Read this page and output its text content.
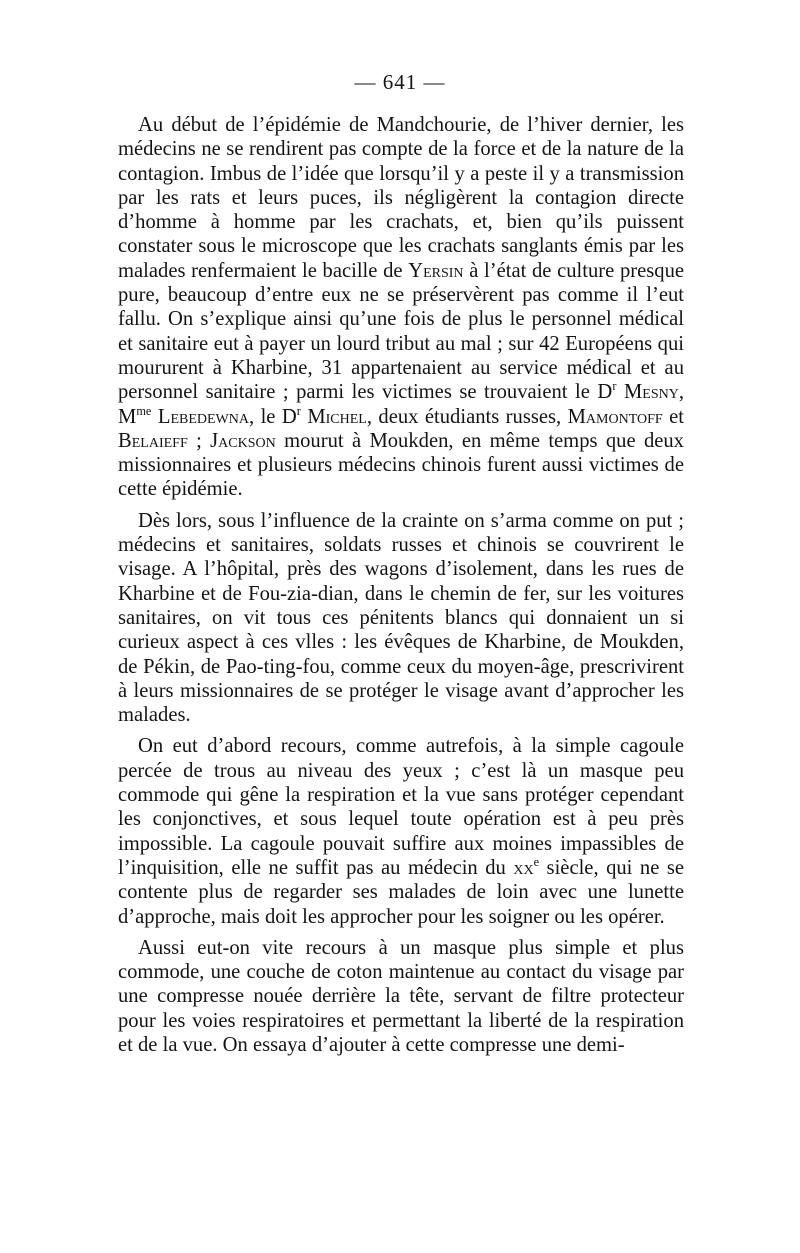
— 641 —

Au début de l’épidémie de Mandchourie, de l’hiver dernier, les médecins ne se rendirent pas compte de la force et de la nature de la contagion. Imbus de l’idée que lorsqu’il y a peste il y a transmission par les rats et leurs puces, ils négligèrent la contagion directe d’homme à homme par les crachats, et, bien qu’ils puissent constater sous le microscope que les crachats sanglants émis par les malades renfermaient le bacille de Yersin à l’état de culture presque pure, beaucoup d’entre eux ne se préservèrent pas comme il l’eut fallu. On s’explique ainsi qu’une fois de plus le personnel médical et sanitaire eut à payer un lourd tribut au mal ; sur 42 Européens qui moururent à Kharbine, 31 appartenaient au service médical et au personnel sanitaire ; parmi les victimes se trouvaient le $D^r$ Mesny, $M^{me}$ Lebedewna, le $D^r$ Michel, deux étudiants russes, Mamontoff et Belaieff ; Jackson mourut à Moukden, en même temps que deux missionnaires et plusieurs médecins chinois furent aussi victimes de cette épidémie.

Dès lors, sous l’influence de la crainte on s’arma comme on put ; médecins et sanitaires, soldats russes et chinois se couvrirent le visage. A l’hôpital, près des wagons d’isolement, dans les rues de Kharbine et de Fou-zia-dian, dans le chemin de fer, sur les voitures sanitaires, on vit tous ces pénitents blancs qui donnaient un si curieux aspect à ces vlles : les évêques de Kharbine, de Moukden, de Pékin, de Pao-ting-fou, comme ceux du moyen-âge, prescrivirent à leurs missionnaires de se protéger le visage avant d’approcher les malades.

On eut d’abord recours, comme autrefois, à la simple cagoule percée de trous au niveau des yeux ; c’est là un masque peu commode qui gêne la respiration et la vue sans protéger cependant les conjonctives, et sous lequel toute opération est à peu près impossible. La cagoule pouvait suffire aux moines impassibles de l’inquisition, elle ne suffit pas au médecin du $xx^e$ siècle, qui ne se contente plus de regarder ses malades de loin avec une lunette d’approche, mais doit les approcher pour les soigner ou les opérer.

Aussi eut-on vite recours à un masque plus simple et plus commode, une couche de coton maintenue au contact du visage par une compresse nouée derrière la tête, servant de filtre protecteur pour les voies respiratoires et permettant la liberté de la respiration et de la vue. On essaya d’ajouter à cette compresse une demi-
